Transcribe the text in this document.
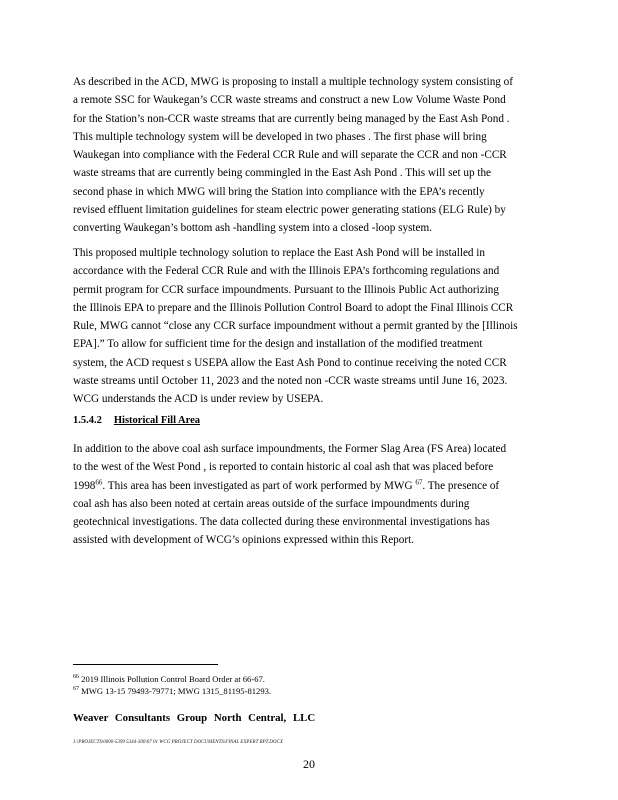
As described in the ACD, MWG is proposing to install a multiple technology system consisting of
a remote SSC for Waukegan’s CCR waste streams and construct a new Low Volume Waste Pond
for the Station’s non-CCR waste streams that are currently being managed by the East Ash Pond .
This multiple technology system will be developed in two phases . The first phase will bring
Waukegan into compliance with the Federal CCR Rule and will separate the CCR and non -CCR
waste streams that are currently being commingled in the East Ash Pond . This will set up the
second phase in which MWG will bring the Station into compliance with the EPA’s recently
revised effluent limitation guidelines for steam electric power generating stations (ELG Rule) by
converting Waukegan’s bottom ash -handling system into a closed -loop system.

This proposed multiple technology solution to replace the East Ash Pond will be installed in
accordance with the Federal CCR Rule and with the Illinois EPA’s forthcoming regulations and
permit program for CCR surface impoundments. Pursuant to the Illinois Public Act authorizing
the Illinois EPA to prepare and the Illinois Pollution Control Board to adopt the Final Illinois CCR
Rule, MWG cannot “close any CCR surface impoundment without a permit granted by the [Illinois
EPA].” To allow for sufficient time for the design and installation of the modified treatment
system, the ACD request s USEPA allow the East Ash Pond to continue receiving the noted CCR
waste streams until October 11, 2023 and the noted non -CCR waste streams until June 16, 2023.
WCG understands the ACD is under review by USEPA.

1.5.4.2 Historical Fill Area

In addition to the above coal ash surface impoundments, the Former Slag Area (FS Area) located
to the west of the West Pond , is reported to contain historic al coal ash that was placed before
1998$^{66}$. This area has been investigated as part of work performed by MWG $^{67}$. The presence of
coal ash has also been noted at certain areas outside of the surface impoundments during
geotechnical investigations. The data collected during these environmental investigations has
assisted with development of WCG’s opinions expressed within this Report.

$^{66}$ 2019 Illinois Pollution Control Board Order at 66-67.
$^{67}$ MWG 13-15 79493-79771; MWG 1315_81195-81293.
Weaver Consultants Group North Central, LLC
J:\PROJECTS\0000-5399 5344-300\07 01 WCG PROJECT DOCUMENTS\FINAL EXPERT RPT.DOCX
20
